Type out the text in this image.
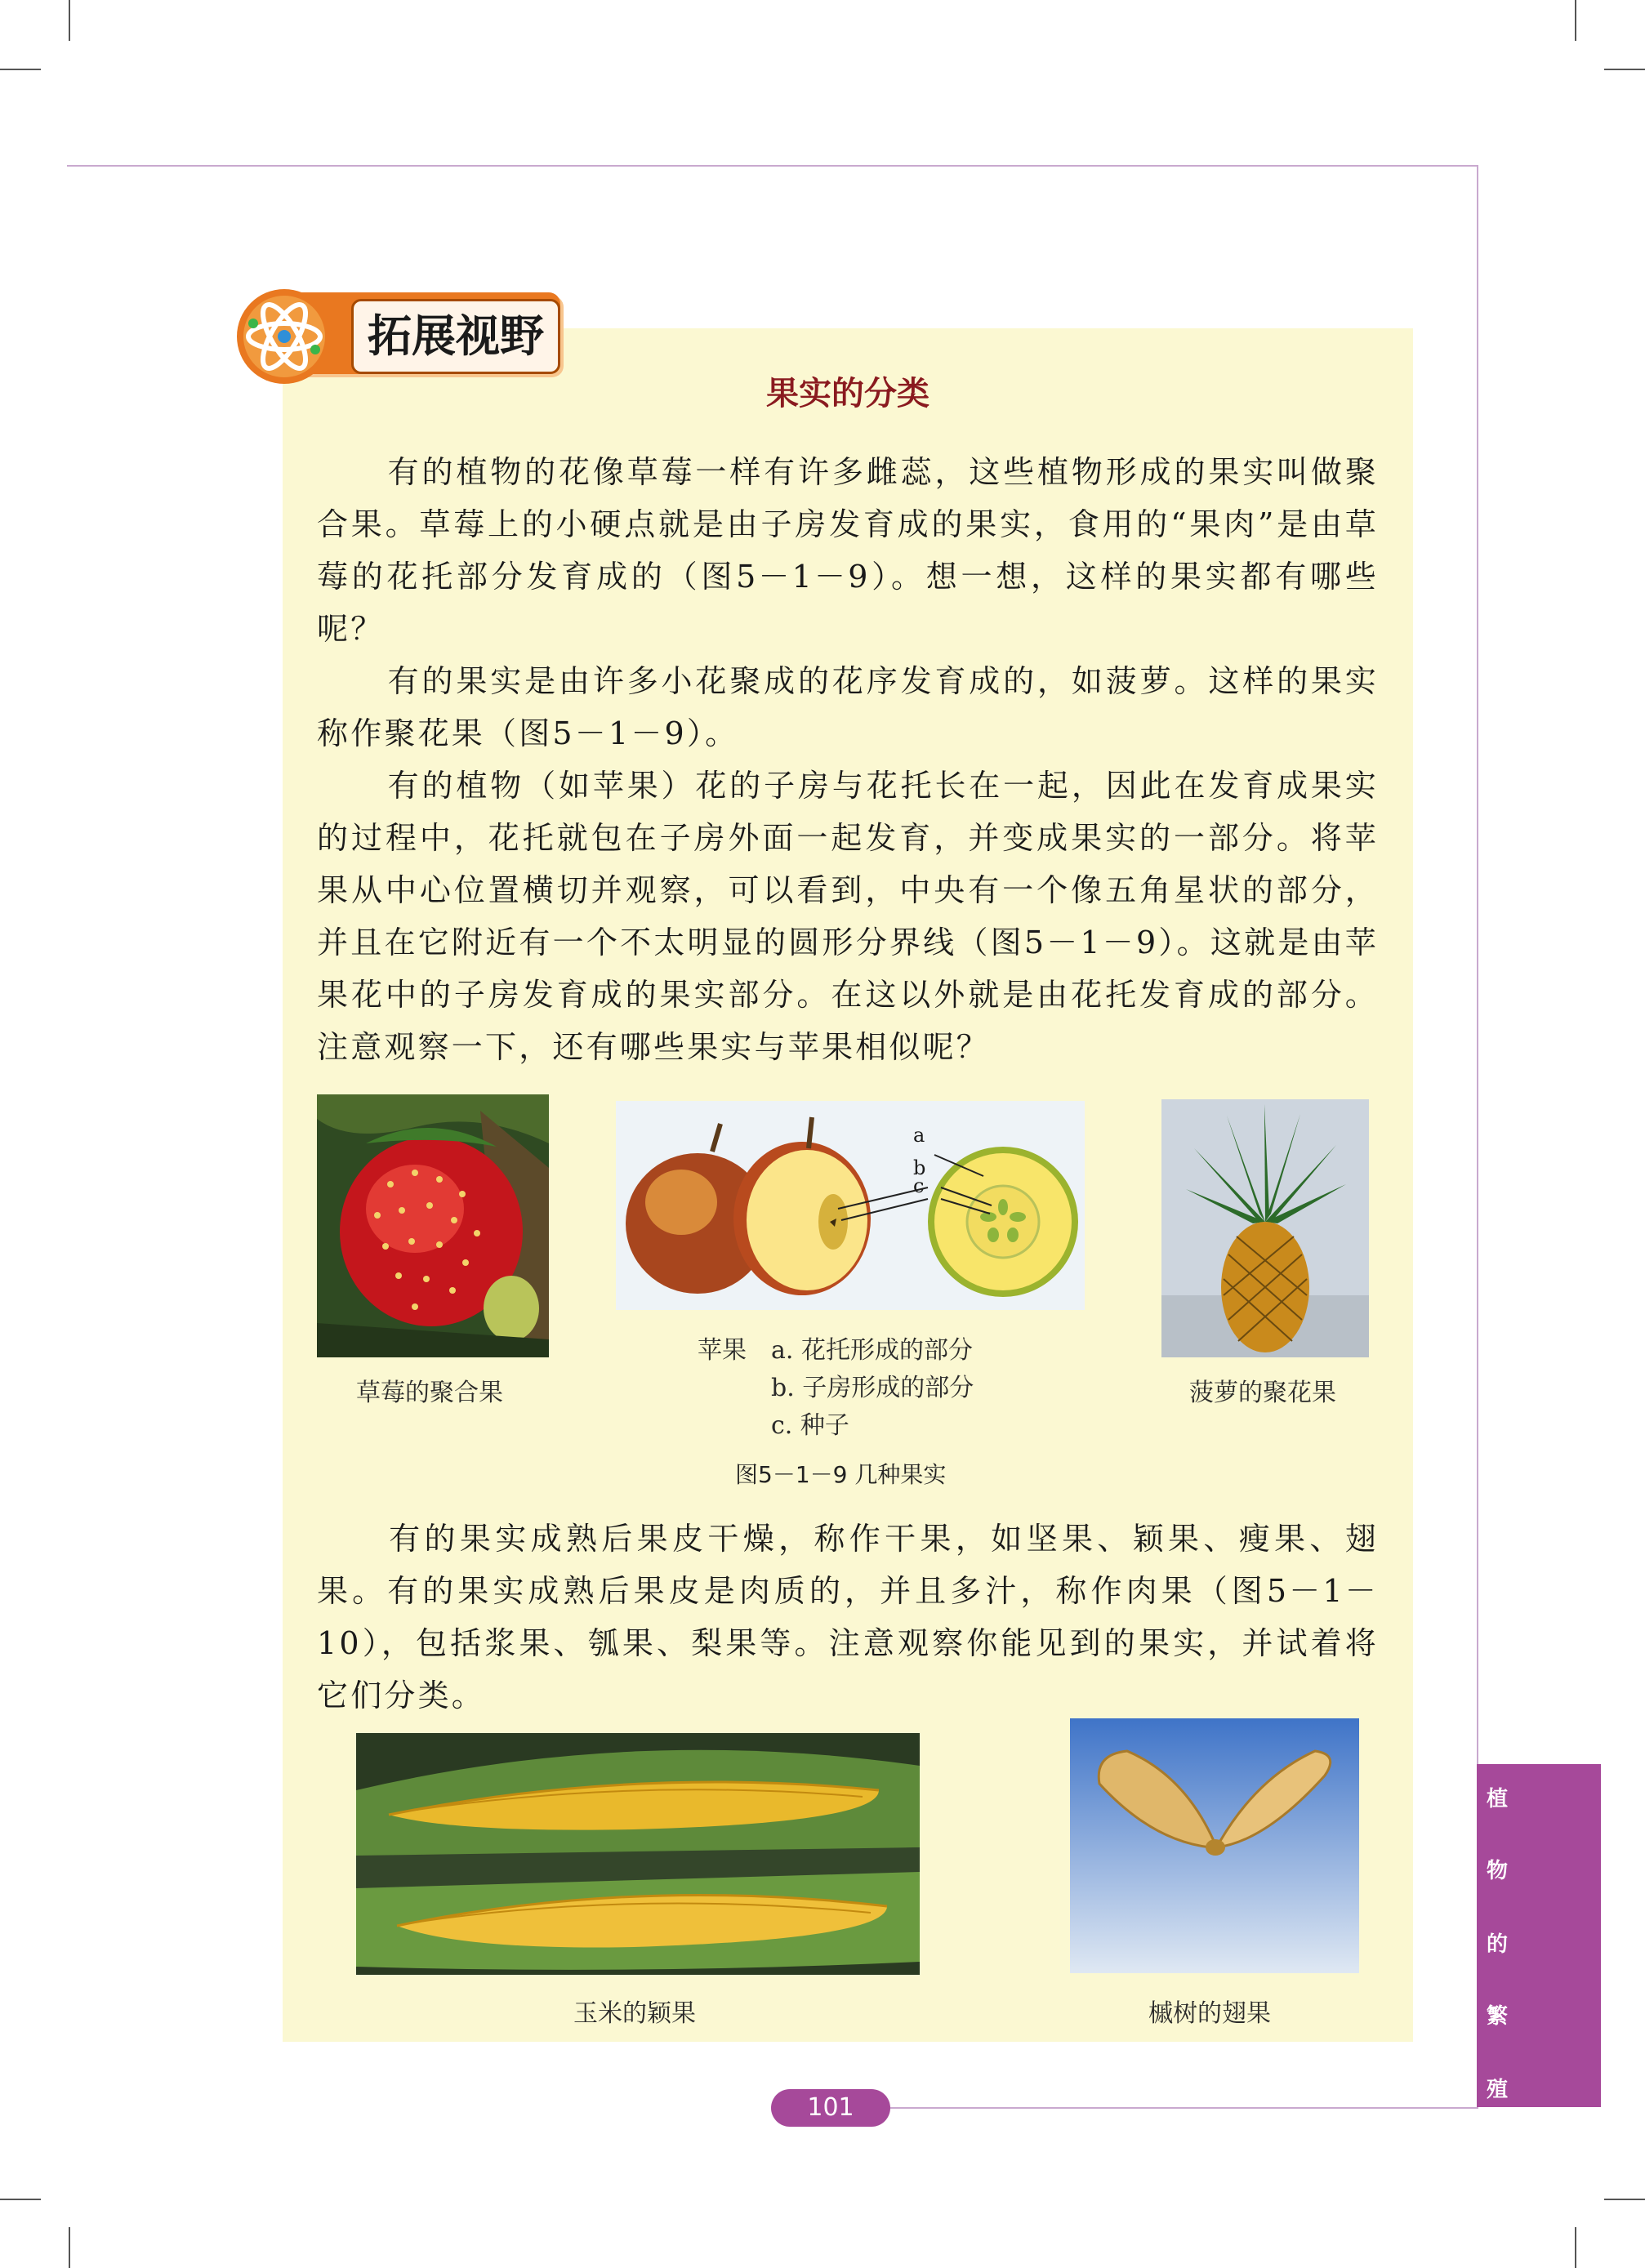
拓展视野
果实的分类

有的植物的花像草莓一样有许多雌蕊，这些植物形成的果实叫做聚合果。草莓上的小硬点就是由子房发育成的果实，食用的“果肉”是由草莓的花托部分发育成的（图5－1－9）。想一想，这样的果实都有哪些呢？

有的果实是由许多小花聚成的花序发育成的，如菠萝。这样的果实称作聚花果（图5－1－9）。

有的植物（如苹果）花的子房与花托长在一起，因此在发育成果实的过程中，花托就包在子房外面一起发育，并变成果实的一部分。将苹果从中心位置横切并观察，可以看到，中央有一个像五角星状的部分，并且在它附近有一个不太明显的圆形分界线（图5－1－9）。这就是由苹果花中的子房发育成的果实部分。在这以外就是由花托发育成的部分。注意观察一下，还有哪些果实与苹果相似呢？

草莓的聚合果
a
b
c
苹果 a. 花托形成的部分
b. 子房形成的部分
c. 种子
菠萝的聚花果
图5－1－9 几种果实

有的果实成熟后果皮干燥，称作干果，如坚果、颖果、瘦果、翅果。有的果实成熟后果皮是肉质的，并且多汁，称作肉果（图5－1－10），包括浆果、瓠果、梨果等。注意观察你能见到的果实，并试着将它们分类。

玉米的颖果	槭树的翅果
植
物
的
繁
殖
101
